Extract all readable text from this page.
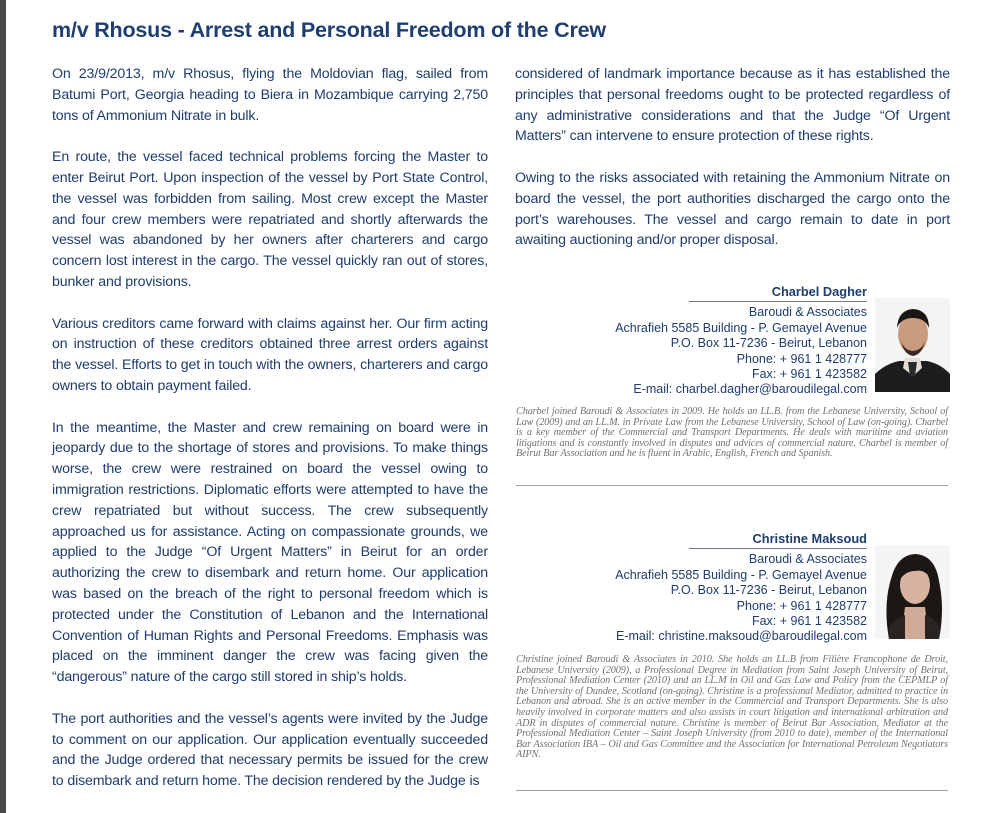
m/v Rhosus - Arrest and Personal Freedom of the Crew

On 23/9/2013, m/v Rhosus, flying the Moldovian flag, sailed from Batumi Port, Georgia heading to Biera in Mozambique carrying 2,750 tons of Ammonium Nitrate in bulk.

En route, the vessel faced technical problems forcing the Master to enter Beirut Port. Upon inspection of the vessel by Port State Control, the vessel was forbidden from sailing. Most crew except the Master and four crew members were repatriated and shortly afterwards the vessel was abandoned by her owners after charterers and cargo concern lost interest in the cargo. The vessel quickly ran out of stores, bunker and provisions.

Various creditors came forward with claims against her. Our firm acting on instruction of these creditors obtained three arrest orders against the vessel. Efforts to get in touch with the owners, charterers and cargo owners to obtain payment failed.

In the meantime, the Master and crew remaining on board were in jeopardy due to the shortage of stores and provisions. To make things worse, the crew were restrained on board the vessel owing to immigration restrictions. Diplomatic efforts were attempted to have the crew repatriated but without success. The crew subsequently approached us for assistance. Acting on compassionate grounds, we applied to the Judge “Of Urgent Matters” in Beirut for an order authorizing the crew to disembark and return home. Our application was based on the breach of the right to personal freedom which is protected under the Constitution of Lebanon and the International Convention of Human Rights and Personal Freedoms. Emphasis was placed on the imminent danger the crew was facing given the “dangerous” nature of the cargo still stored in ship’s holds.

The port authorities and the vessel’s agents were invited by the Judge to comment on our application. Our application eventually succeeded and the Judge ordered that necessary permits be issued for the crew to disembark and return home. The decision rendered by the Judge is

considered of landmark importance because as it has established the principles that personal freedoms ought to be protected regardless of any administrative considerations and that the Judge “Of Urgent Matters” can intervene to ensure protection of these rights.

Owing to the risks associated with retaining the Ammonium Nitrate on board the vessel, the port authorities discharged the cargo onto the port’s warehouses. The vessel and cargo remain to date in port awaiting auctioning and/or proper disposal.

Charbel Dagher
Baroudi & Associates
Achrafieh 5585 Building - P. Gemayel Avenue
P.O. Box 11-7236 - Beirut, Lebanon
Phone: + 961 1 428777
Fax: + 961 1 423582
E-mail: charbel.dagher@baroudilegal.com
Charbel joined Baroudi & Associates in 2009. He holds an LL.B. from the Lebanese University, School of Law (2009) and an LL.M. in Private Law from the Lebanese University, School of Law (on-going). Charbel is a key member of the Commercial and Transport Departments. He deals with maritime and aviation litigations and is constantly involved in disputes and advices of commercial nature. Charbel is member of Beirut Bar Association and he is fluent in Arabic, English, French and Spanish.
Christine Maksoud
Baroudi & Associates
Achrafieh 5585 Building - P. Gemayel Avenue
P.O. Box 11-7236 - Beirut, Lebanon
Phone: + 961 1 428777
Fax: + 961 1 423582
E-mail: christine.maksoud@baroudilegal.com
Christine joined Baroudi & Associates in 2010. She holds an LL.B from Filière Francophone de Droit, Lebanese University (2009), a Professional Degree in Mediation from Saint Joseph University of Beirut, Professional Mediation Center (2010) and an LL.M in Oil and Gas Law and Policy from the CEPMLP of the University of Dundee, Scotland (on-going). Christine is a professional Mediator, admitted to practice in Lebanon and abroad. She is an active member in the Commercial and Transport Departments. She is also heavily involved in corporate matters and also assists in court litigation and international arbitration and ADR in disputes of commercial nature. Christine is member of Beirut Bar Association, Mediator at the Professional Mediation Center – Saint Joseph University (from 2010 to date), member of the International Bar Association IBA – Oil and Gas Committee and the Association for International Petroleum Negotiators AIPN.
